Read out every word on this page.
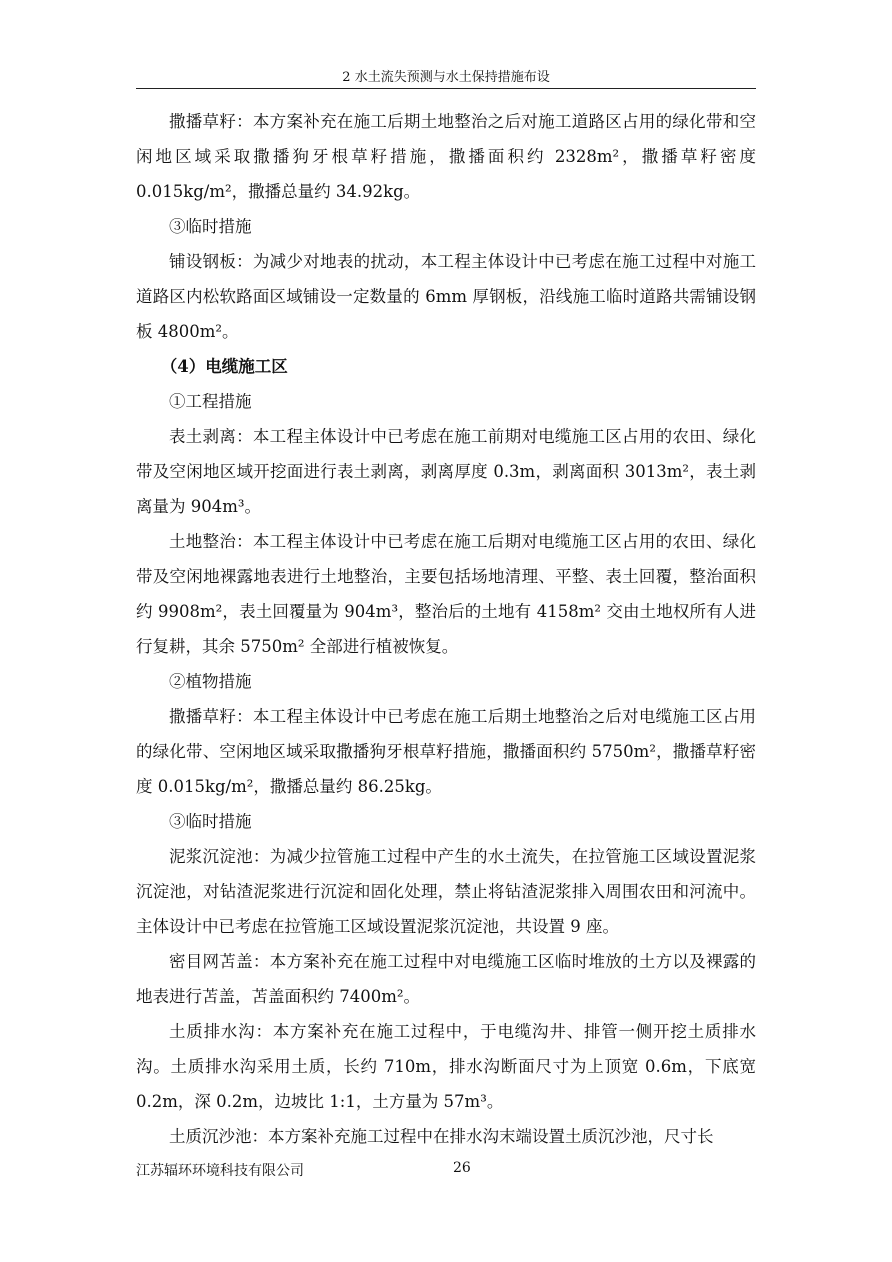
2 水土流失预测与水土保持措施布设

撒播草籽：本方案补充在施工后期土地整治之后对施工道路区占用的绿化带和空闲地区域采取撒播狗牙根草籽措施，撒播面积约 2328m²，撒播草籽密度 0.015kg/m²，撒播总量约 34.92kg。

③临时措施

铺设钢板：为减少对地表的扰动，本工程主体设计中已考虑在施工过程中对施工道路区内松软路面区域铺设一定数量的 6mm 厚钢板，沿线施工临时道路共需铺设钢板 4800m²。

（4）电缆施工区

①工程措施

表土剥离：本工程主体设计中已考虑在施工前期对电缆施工区占用的农田、绿化带及空闲地区域开挖面进行表土剥离，剥离厚度 0.3m，剥离面积 3013m²，表土剥离量为 904m³。

土地整治：本工程主体设计中已考虑在施工后期对电缆施工区占用的农田、绿化带及空闲地裸露地表进行土地整治，主要包括场地清理、平整、表土回覆，整治面积约 9908m²，表土回覆量为 904m³，整治后的土地有 4158m² 交由土地权所有人进行复耕，其余 5750m² 全部进行植被恢复。

②植物措施

撒播草籽：本工程主体设计中已考虑在施工后期土地整治之后对电缆施工区占用的绿化带、空闲地区域采取撒播狗牙根草籽措施，撒播面积约 5750m²，撒播草籽密度 0.015kg/m²，撒播总量约 86.25kg。

③临时措施

泥浆沉淀池：为减少拉管施工过程中产生的水土流失，在拉管施工区域设置泥浆沉淀池，对钻渣泥浆进行沉淀和固化处理，禁止将钻渣泥浆排入周围农田和河流中。主体设计中已考虑在拉管施工区域设置泥浆沉淀池，共设置 9 座。

密目网苫盖：本方案补充在施工过程中对电缆施工区临时堆放的土方以及裸露的地表进行苫盖，苫盖面积约 7400m²。

土质排水沟：本方案补充在施工过程中，于电缆沟井、排管一侧开挖土质排水沟。土质排水沟采用土质，长约 710m，排水沟断面尺寸为上顶宽 0.6m，下底宽 0.2m，深 0.2m，边坡比 1:1，土方量为 57m³。

土质沉沙池：本方案补充施工过程中在排水沟末端设置土质沉沙池，尺寸长

江苏辐环环境科技有限公司	26
